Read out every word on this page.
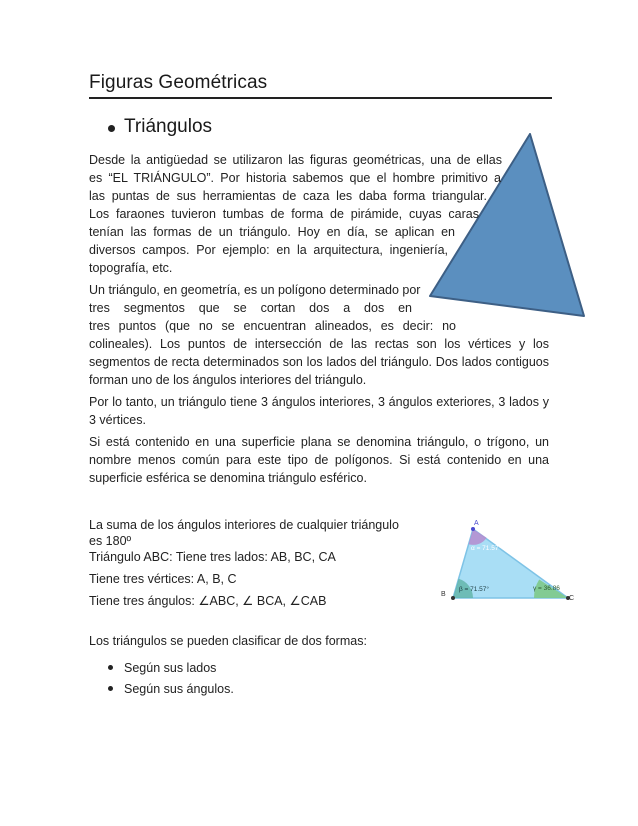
Figuras Geométricas
Triángulos
Desde la antigüedad se utilizaron las figuras geométricas, una de ellas
es “EL TRIÁNGULO”. Por historia sabemos que el hombre primitivo a
las puntas de sus herramientas de caza les daba forma triangular.
Los faraones tuvieron tumbas de forma de pirámide, cuyas caras
tenían las formas de un triángulo. Hoy en día, se aplican en
diversos campos. Por ejemplo: en la arquitectura, ingeniería,
topografía, etc.
Un triángulo, en geometría, es un polígono determinado por
tres segmentos que se cortan dos a dos en
tres puntos (que no se encuentran alineados, es decir: no
colineales). Los puntos de intersección de las rectas son los vértices y los
segmentos de recta determinados son los lados del triángulo. Dos lados contiguos
forman uno de los ángulos interiores del triángulo.
Por lo tanto, un triángulo tiene 3 ángulos interiores, 3 ángulos exteriores, 3 lados y
3 vértices.
Si está contenido en una superficie plana se denomina triángulo, o trígono, un
nombre menos común para este tipo de polígonos. Si está contenido en una
superficie esférica se denomina triángulo esférico.
La suma de los ángulos interiores de cualquier triángulo
es 180º
Triángulo ABC: Tiene tres lados: AB, BC, CA
Tiene tres vértices: A, B, C
Tiene tres ángulos: ∠ABC, ∠ BCA, ∠CAB
A
B
C
α = 71.57°
β = 71.57°	γ = 36.86
Los triángulos se pueden clasificar de dos formas:
Según sus lados
Según sus ángulos.
